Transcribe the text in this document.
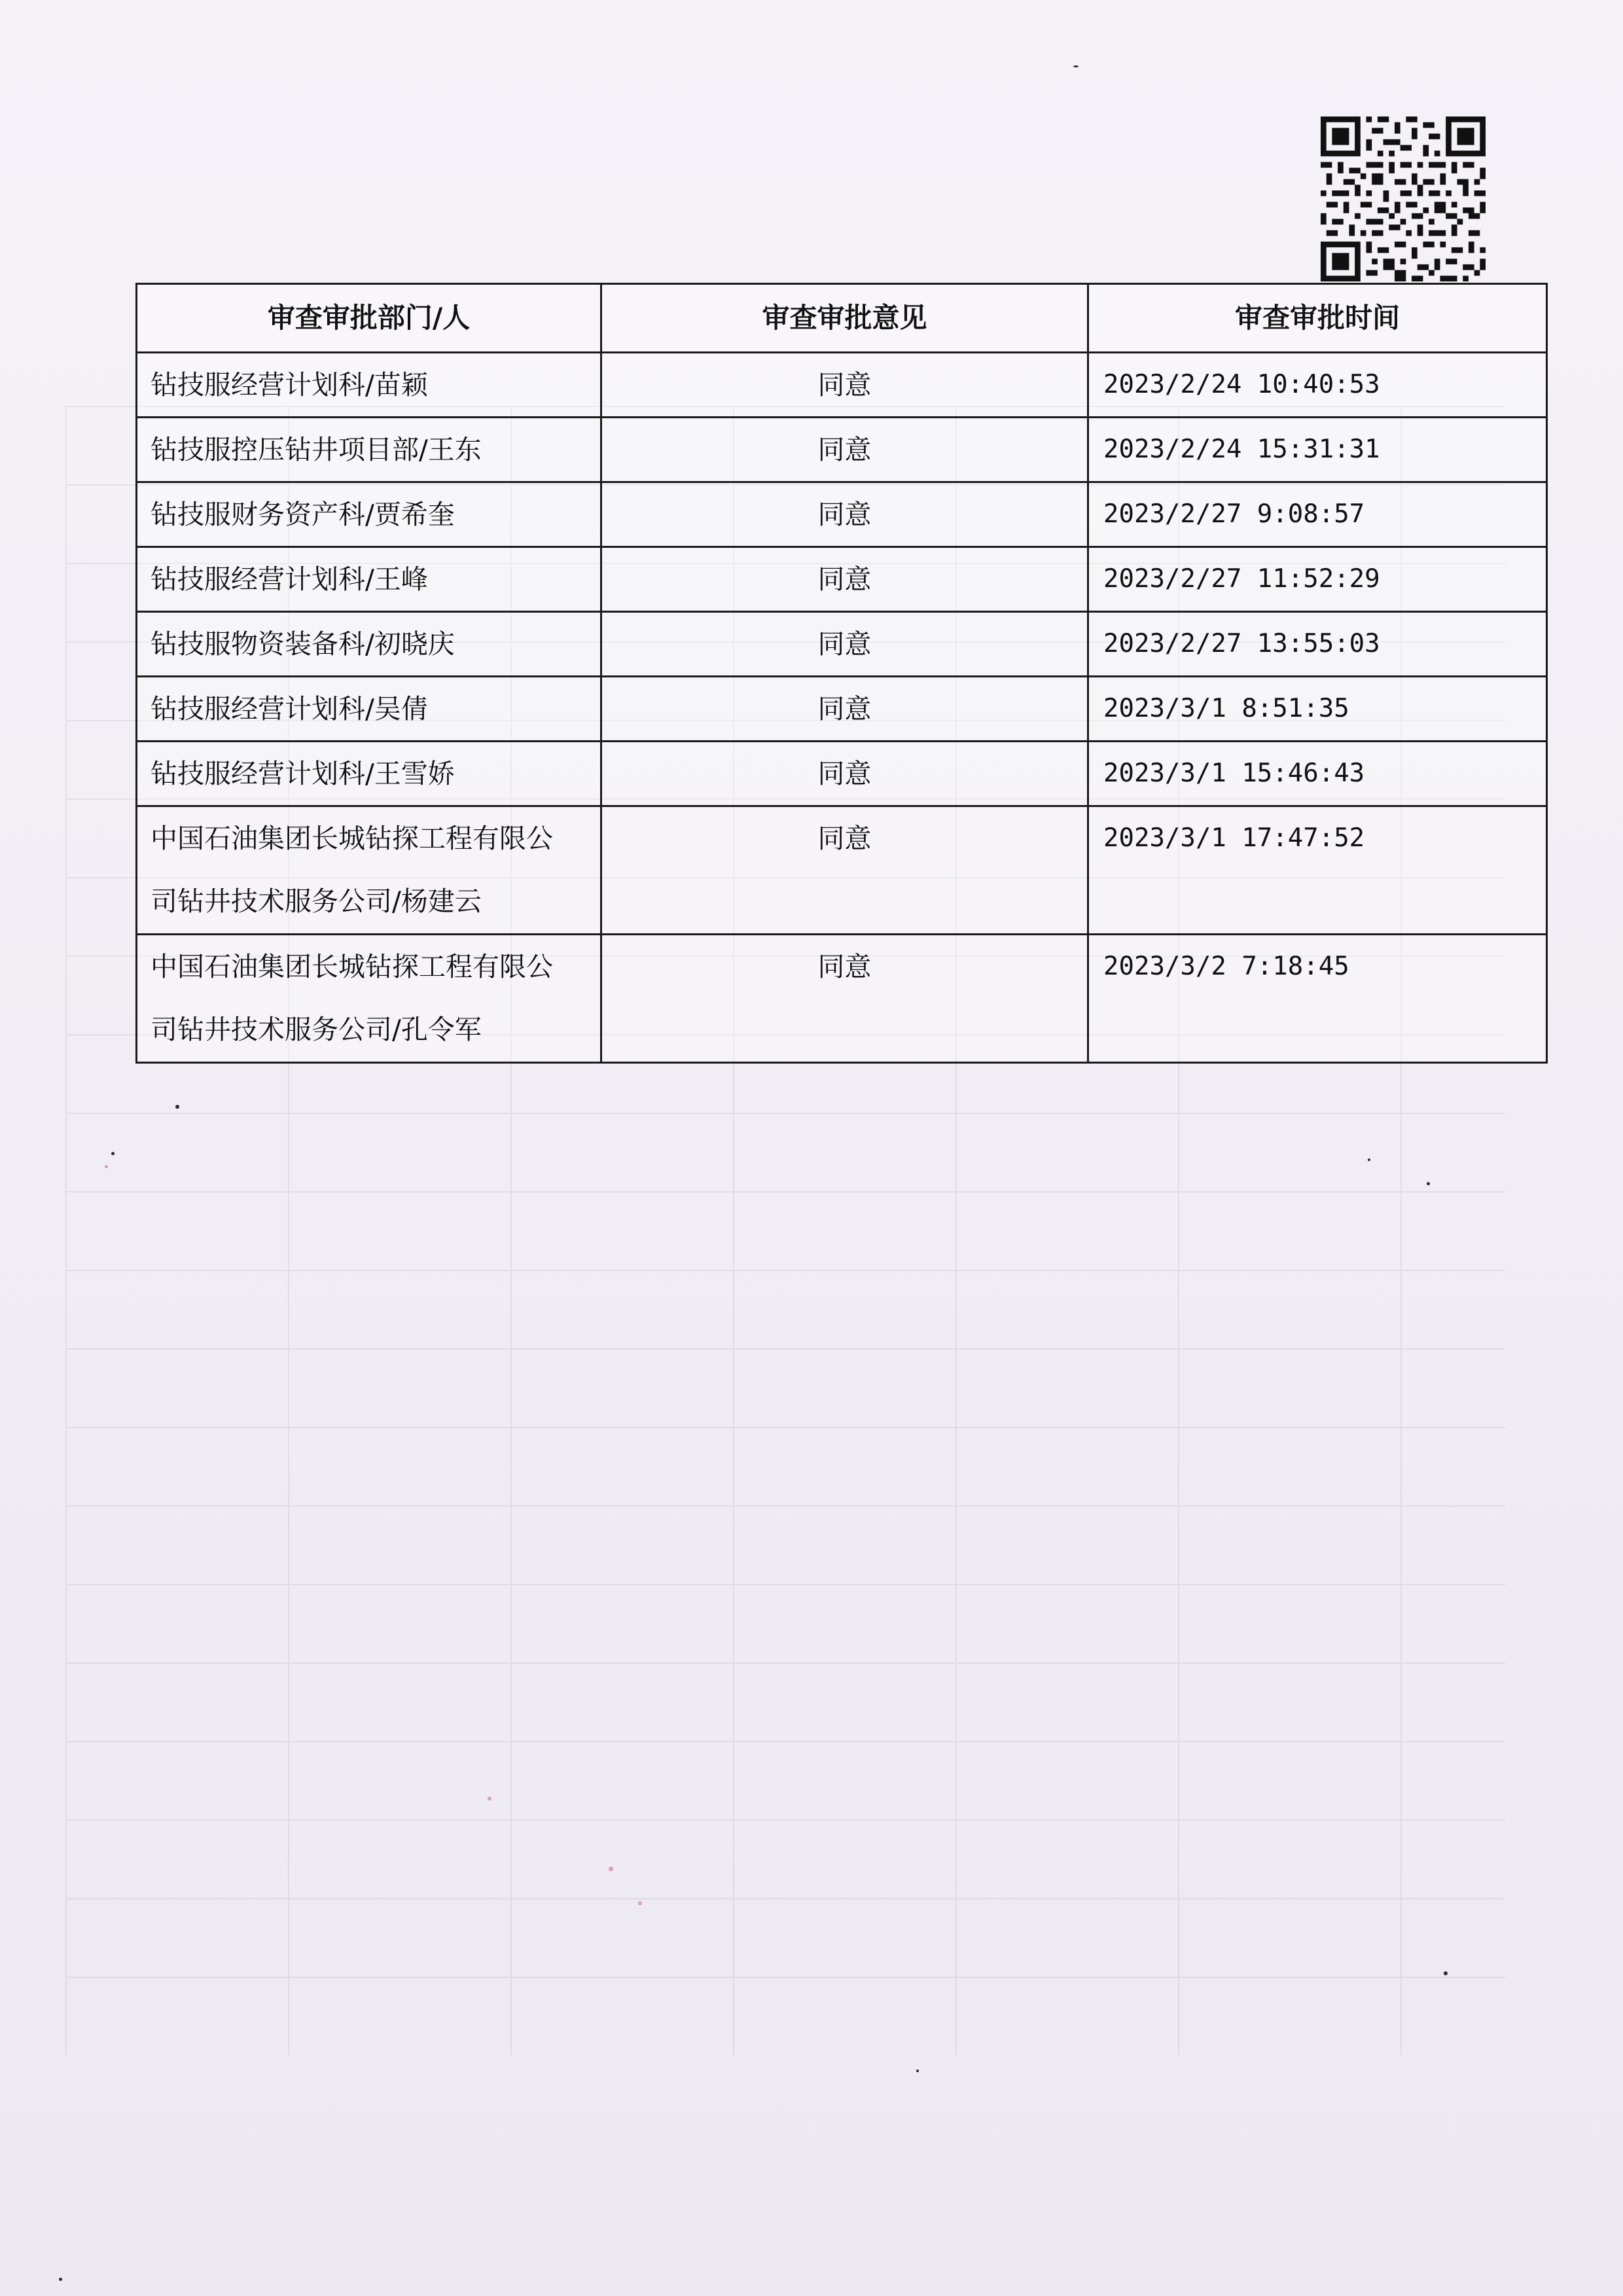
审查审批部门/人	审查审批意见	审查审批时间
钻技服经营计划科/苗颖	同意	2023/2/24 10:40:53
钻技服控压钻井项目部/王东	同意	2023/2/24 15:31:31
钻技服财务资产科/贾希奎	同意	2023/2/27 9:08:57
钻技服经营计划科/王峰	同意	2023/2/27 11:52:29
钻技服物资装备科/初晓庆	同意	2023/2/27 13:55:03
钻技服经营计划科/吴倩	同意	2023/3/1 8:51:35
钻技服经营计划科/王雪娇	同意	2023/3/1 15:46:43

中国石油集团长城钻探工程有限公
司钻井技术服务公司/杨建云	同意	2023/3/1 17:47:52

中国石油集团长城钻探工程有限公
司钻井技术服务公司/孔令军	同意	2023/3/2 7:18:45
